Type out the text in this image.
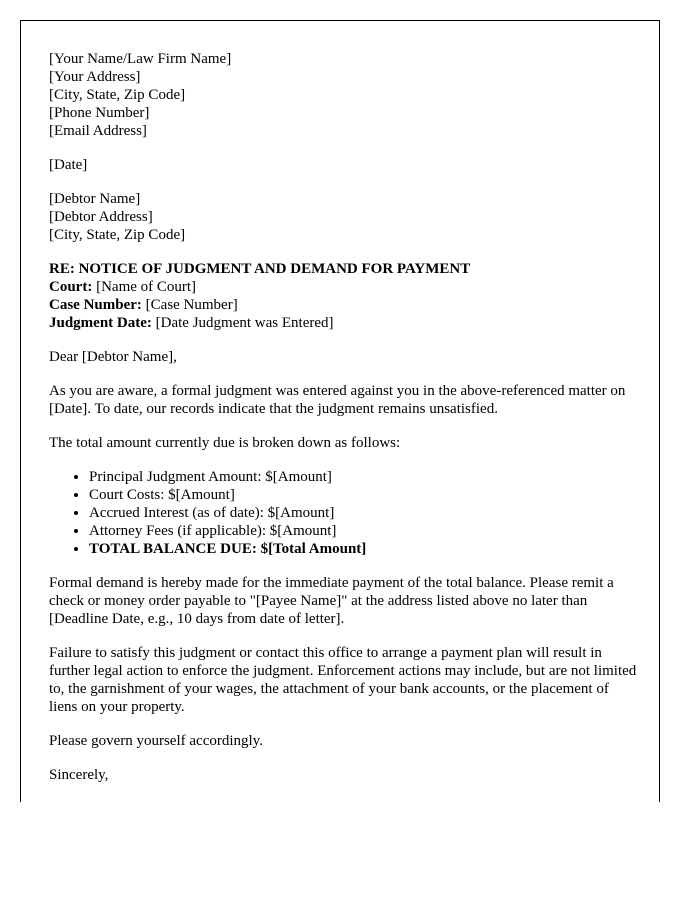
[Your Name/Law Firm Name]
[Your Address]
[City, State, Zip Code]
[Phone Number]
[Email Address]
[Date]
[Debtor Name]
[Debtor Address]
[City, State, Zip Code]
RE: NOTICE OF JUDGMENT AND DEMAND FOR PAYMENT
Court: [Name of Court]
Case Number: [Case Number]
Judgment Date: [Date Judgment was Entered]

Dear [Debtor Name],

As you are aware, a formal judgment was entered against you in the above-referenced matter on [Date]. To date, our records indicate that the judgment remains unsatisfied.

The total amount currently due is broken down as follows:

• Principal Judgment Amount: $[Amount]
• Court Costs: $[Amount]
• Accrued Interest (as of date): $[Amount]
• Attorney Fees (if applicable): $[Amount]
• TOTAL BALANCE DUE: $[Total Amount]

Formal demand is hereby made for the immediate payment of the total balance. Please remit a check or money order payable to "[Payee Name]" at the address listed above no later than [Deadline Date, e.g., 10 days from date of letter].

Failure to satisfy this judgment or contact this office to arrange a payment plan will result in further legal action to enforce the judgment. Enforcement actions may include, but are not limited to, the garnishment of your wages, the attachment of your bank accounts, or the placement of liens on your property.

Please govern yourself accordingly.

Sincerely,
